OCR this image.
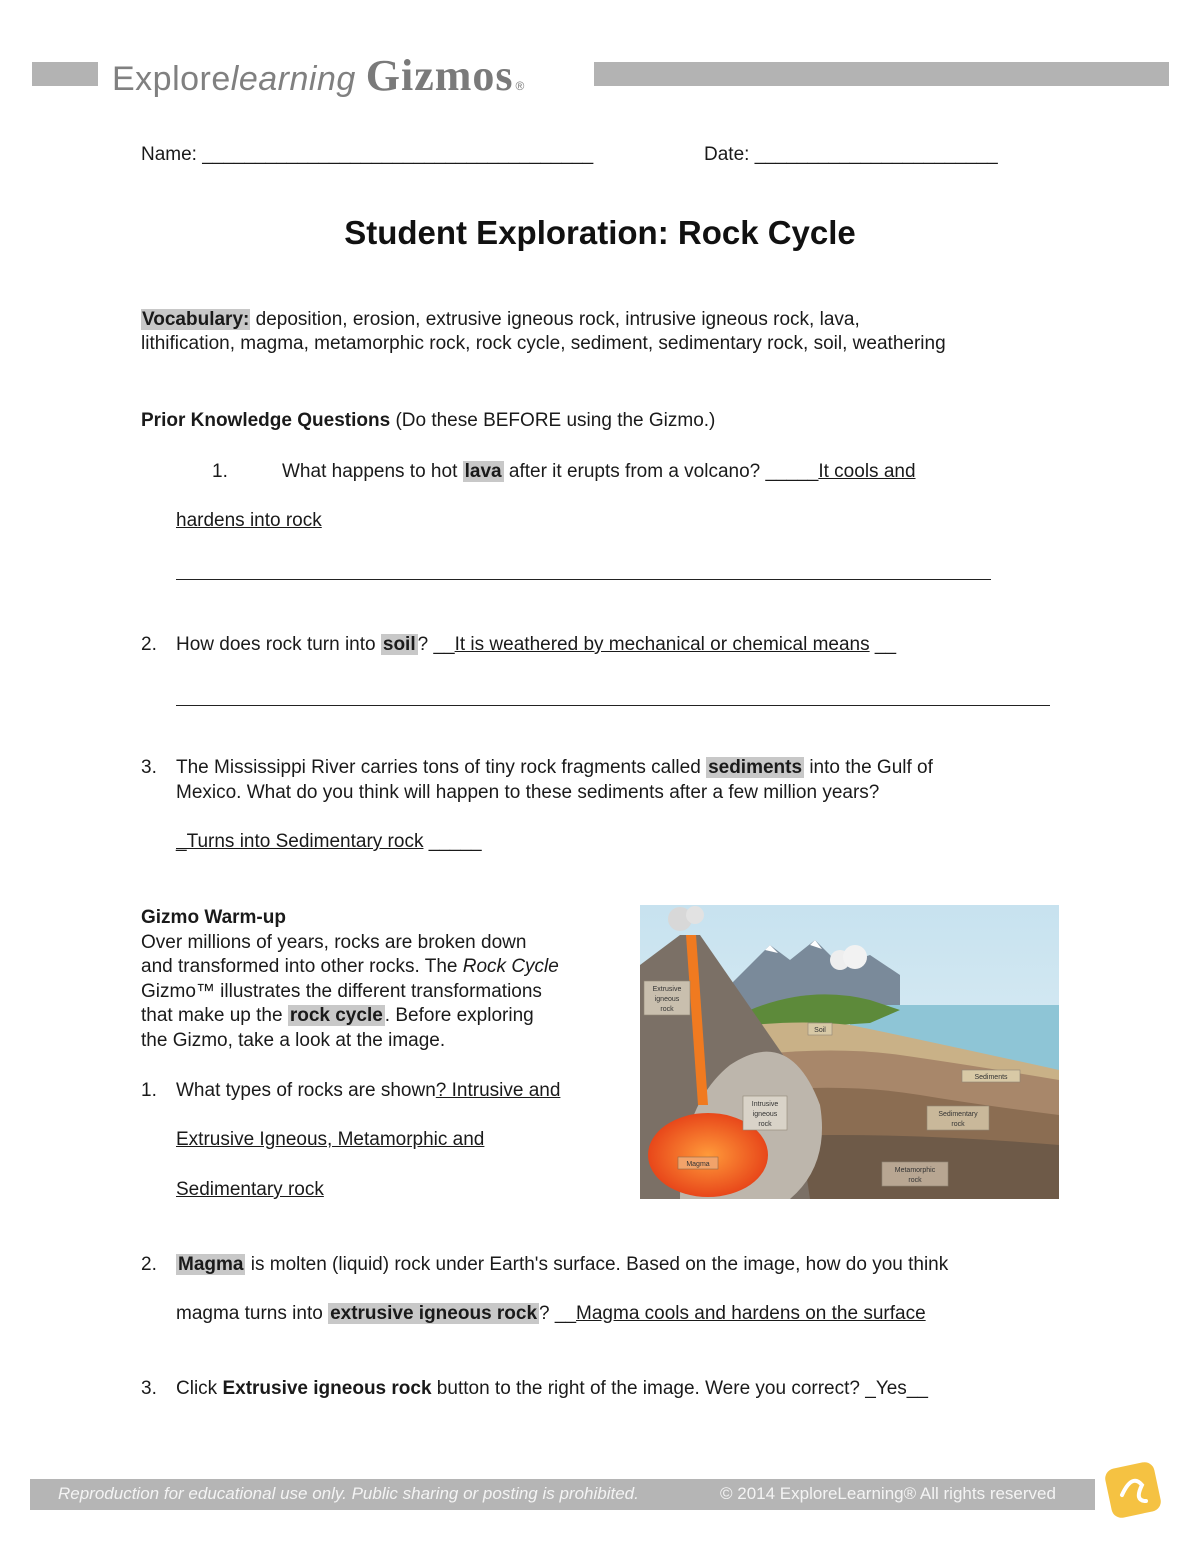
Explore learning Gizmos ®
Name: _____________________________________	Date: _______________________
Student Exploration: Rock Cycle
Vocabulary: deposition, erosion, extrusive igneous rock, intrusive igneous rock, lava,
lithification, magma, metamorphic rock, rock cycle, sediment, sedimentary rock, soil, weathering
Prior Knowledge Questions (Do these BEFORE using the Gizmo.)
1.	What happens to hot lava after it erupts from a volcano? _____It cools and
hardens into rock
2. How does rock turn into soil ? __It is weathered by mechanical or chemical means __
3. The Mississippi River carries tons of tiny rock fragments called sediments into the Gulf of
Mexico. What do you think will happen to these sediments after a few million years?
_Turns into Sedimentary rock _____
Gizmo Warm-up
Over millions of years, rocks are broken down
and transformed into other rocks. The Rock Cycle
Gizmo™ illustrates the different transformations
that make up the rock cycle . Before exploring
the Gizmo, take a look at the image.
1. What types of rocks are shown? Intrusive and
Extrusive Igneous, Metamorphic and
Sedimentary rock
Extrusive
igneous
rock
Soil
Sediments
Intrusive
igneous
rock
Sedimentary
rock
Magma
Metamorphic
rock
2. Magma is molten (liquid) rock under Earth's surface. Based on the image, how do you think
magma turns into extrusive igneous rock ? __Magma cools and hardens on the surface
3. Click Extrusive igneous rock button to the right of the image. Were you correct? _Yes__
Reproduction for educational use only. Public sharing or posting is prohibited.	© 2014 ExploreLearning® All rights reserved
